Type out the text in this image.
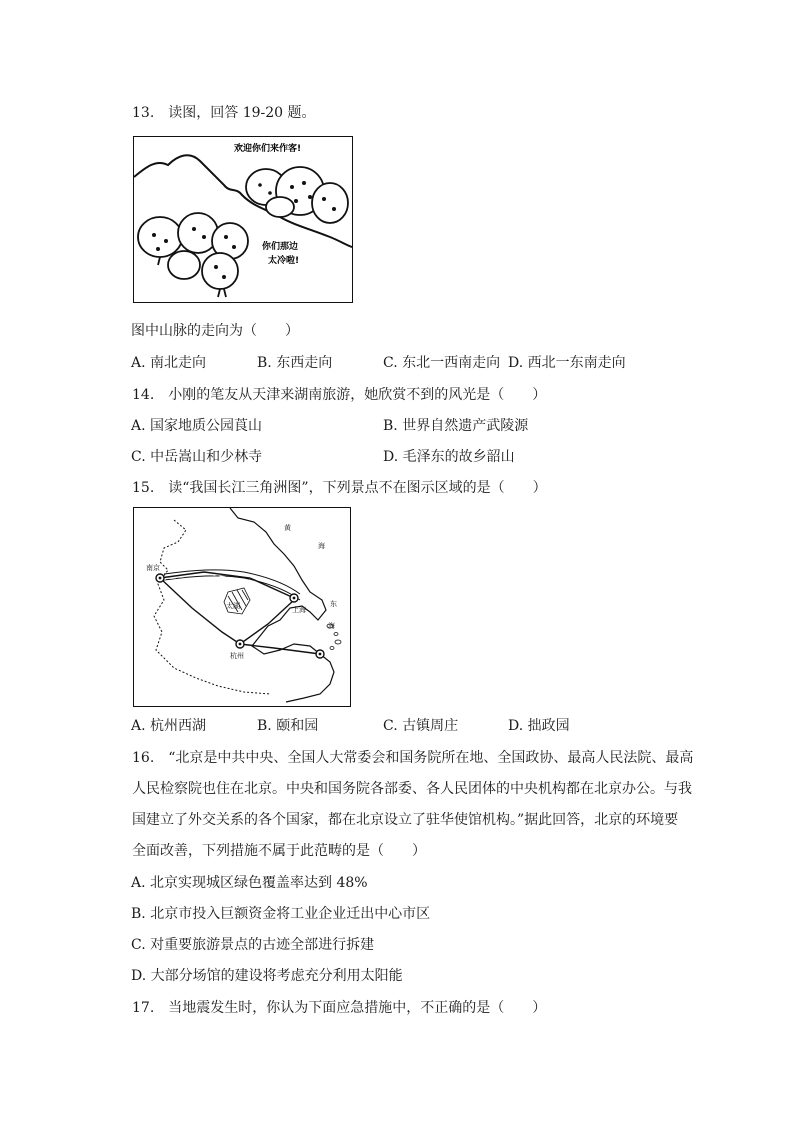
13.　读图，回答 19-20 题。
欢迎你们来作客!
你们那边
太冷啦!
图中山脉的走向为（　　）
A. 南北走向	B. 东西走向	C. 东北一西南走向 D. 西北一东南走向
14.　小刚的笔友从天津来湖南旅游，她欣赏不到的风光是（　　）
A. 国家地质公园莨山	B. 世界自然遗产武陵源
C. 中岳嵩山和少林寺	D. 毛泽东的故乡韶山
15.　读“我国长江三角洲图”，下列景点不在图示区域的是（　　）
黄
海
东
海
南京
太湖	上海
杭州
A. 杭州西湖	B. 颐和园	C. 古镇周庄	D. 拙政园
16.　“北京是中共中央、全国人大常委会和国务院所在地、全国政协、最高人民法院、最高
人民检察院也住在北京。中央和国务院各部委、各人民团体的中央机构都在北京办公。与我
国建立了外交关系的各个国家，都在北京设立了驻华使馆机构。”据此回答，北京的环境要
全面改善，下列措施不属于此范畴的是（　　）
A. 北京实现城区绿色覆盖率达到 48%
B. 北京市投入巨额资金将工业企业迁出中心市区
C. 对重要旅游景点的古迹全部进行拆建
D. 大部分场馆的建设将考虑充分利用太阳能
17.　当地震发生时，你认为下面应急措施中，不正确的是（　　）
